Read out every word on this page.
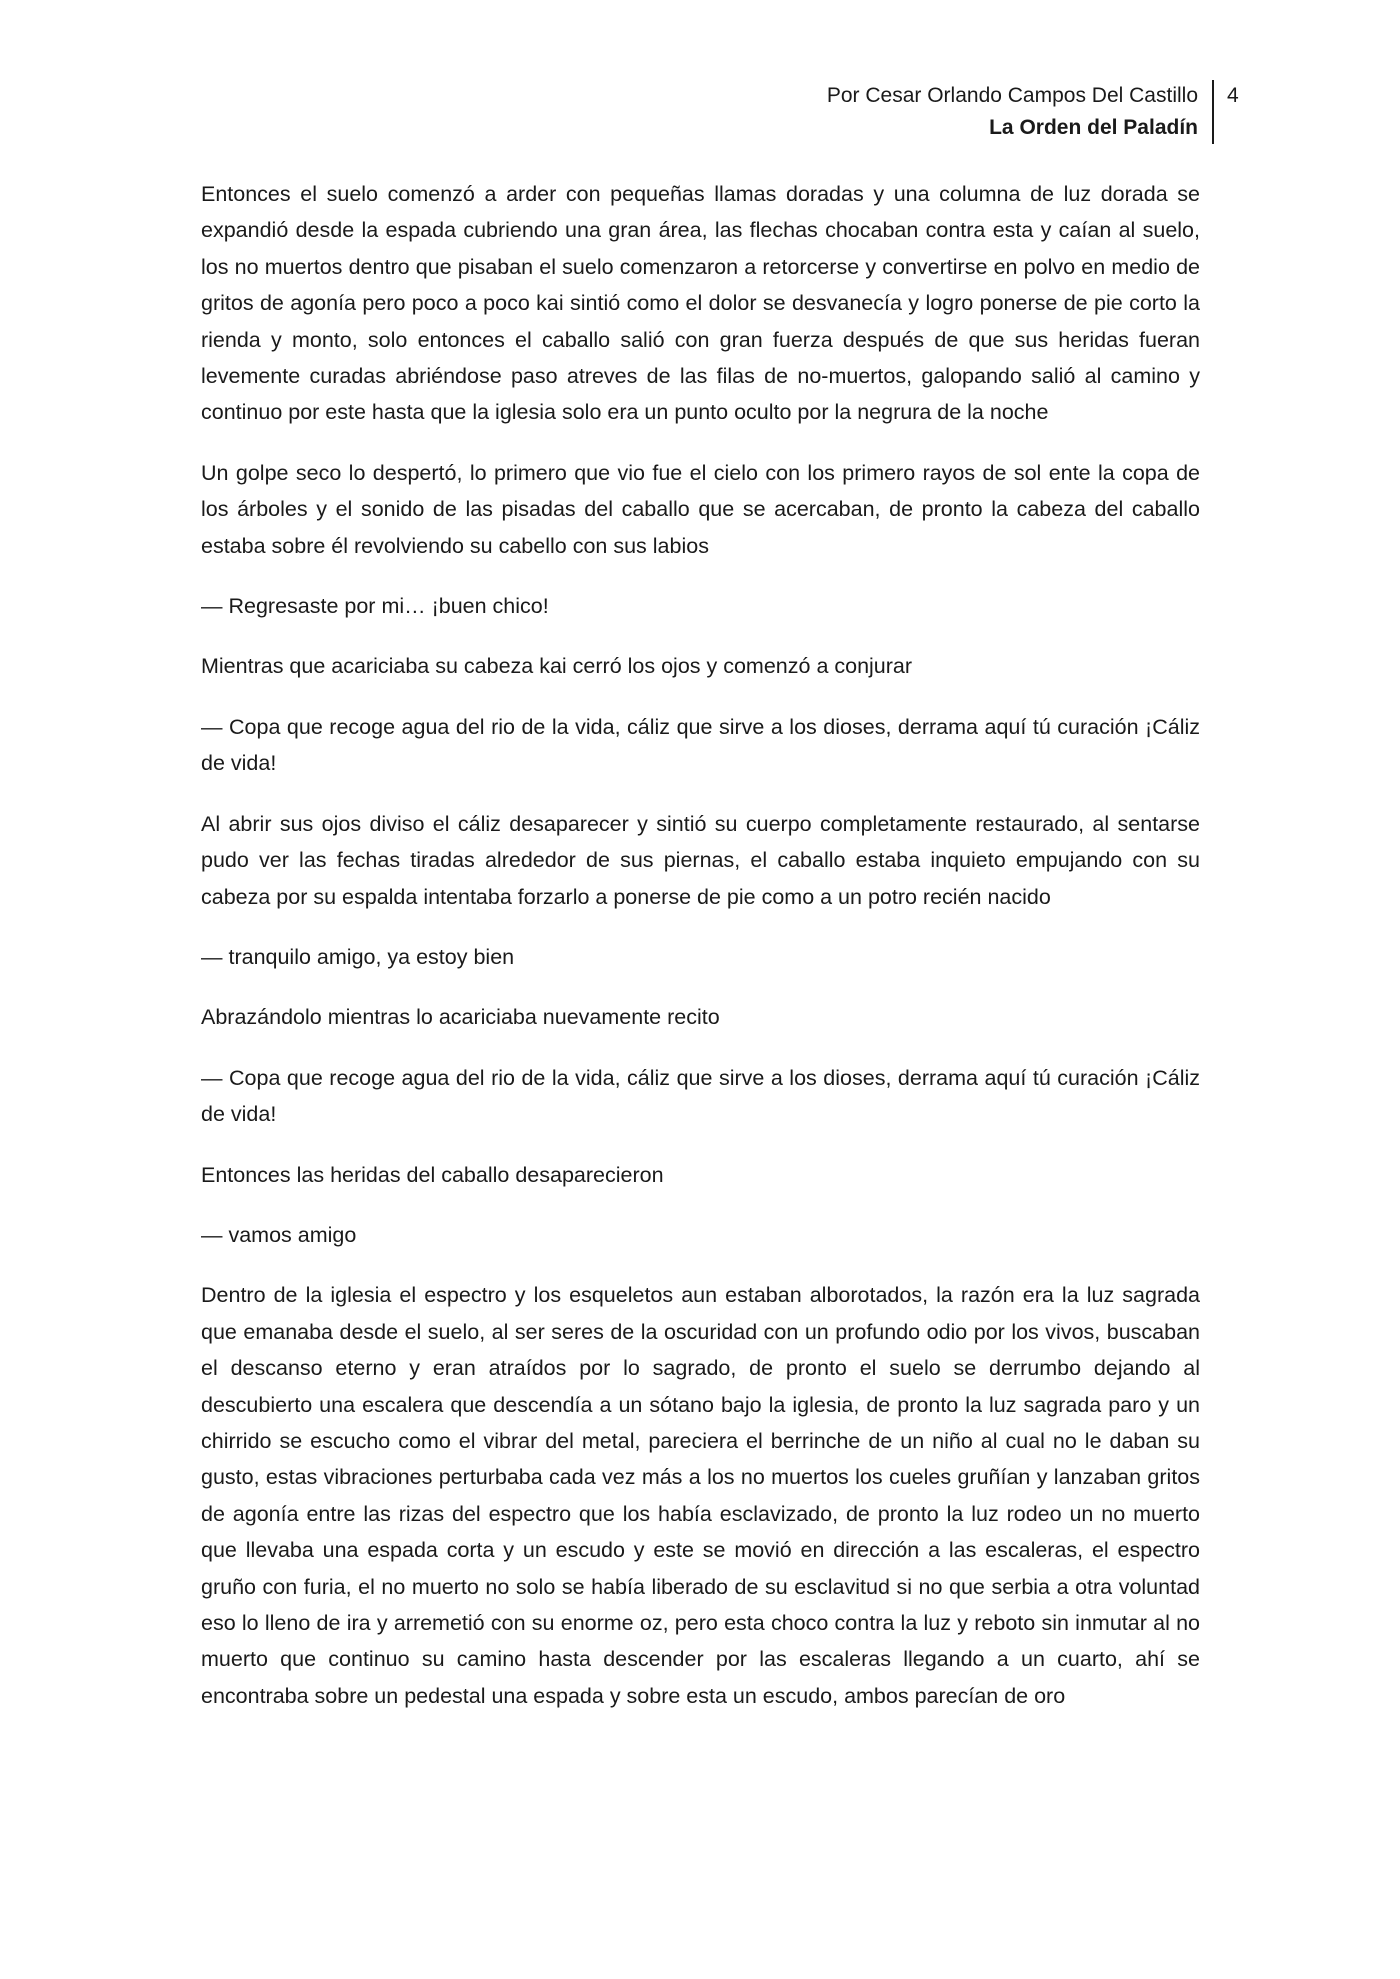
Por Cesar Orlando Campos Del Castillo
La Orden del Paladín
4

Entonces el suelo comenzó a arder con pequeñas llamas doradas y una columna de luz dorada se expandió desde la espada cubriendo una gran área, las flechas chocaban contra esta y caían al suelo, los no muertos dentro que pisaban el suelo comenzaron a retorcerse y convertirse en polvo en medio de gritos de agonía pero poco a poco kai sintió como el dolor se desvanecía y logro ponerse de pie corto la rienda y monto, solo entonces el caballo salió con gran fuerza después de que sus heridas fueran levemente curadas abriéndose paso atreves de las filas de no-muertos, galopando salió al camino y continuo por este hasta que la iglesia solo era un punto oculto por la negrura de la noche

Un golpe seco lo despertó, lo primero que vio fue el cielo con los primero rayos de sol ente la copa de los árboles y el sonido de las pisadas del caballo que se acercaban, de pronto la cabeza del caballo estaba sobre él revolviendo su cabello con sus labios

— Regresaste por mi… ¡buen chico!

Mientras que acariciaba su cabeza kai cerró los ojos y comenzó a conjurar

— Copa que recoge agua del rio de la vida, cáliz que sirve a los dioses, derrama aquí tú curación ¡Cáliz de vida!

Al abrir sus ojos diviso el cáliz desaparecer y sintió su cuerpo completamente restaurado, al sentarse pudo ver las fechas tiradas alrededor de sus piernas, el caballo estaba inquieto empujando con su cabeza por su espalda intentaba forzarlo a ponerse de pie como a un potro recién nacido

— tranquilo amigo, ya estoy bien

Abrazándolo mientras lo acariciaba nuevamente recito

— Copa que recoge agua del rio de la vida, cáliz que sirve a los dioses, derrama aquí tú curación ¡Cáliz de vida!

Entonces las heridas del caballo desaparecieron

— vamos amigo

Dentro de la iglesia el espectro y los esqueletos aun estaban alborotados, la razón era la luz sagrada que emanaba desde el suelo, al ser seres de la oscuridad con un profundo odio por los vivos, buscaban el descanso eterno y eran atraídos por lo sagrado, de pronto el suelo se derrumbo dejando al descubierto una escalera que descendía a un sótano bajo la iglesia, de pronto la luz sagrada paro y un chirrido se escucho como el vibrar del metal, pareciera el berrinche de un niño al cual no le daban su gusto, estas vibraciones perturbaba cada vez más a los no muertos los cueles gruñían y lanzaban gritos de agonía entre las rizas del espectro que los había esclavizado, de pronto la luz rodeo un no muerto que llevaba una espada corta y un escudo y este se movió en dirección a las escaleras, el espectro gruño con furia, el no muerto no solo se había liberado de su esclavitud si no que serbia a otra voluntad eso lo lleno de ira y arremetió con su enorme oz, pero esta choco contra la luz y reboto sin inmutar al no muerto que continuo su camino hasta descender por las escaleras llegando a un cuarto, ahí se encontraba sobre un pedestal una espada y sobre esta un escudo, ambos parecían de oro
